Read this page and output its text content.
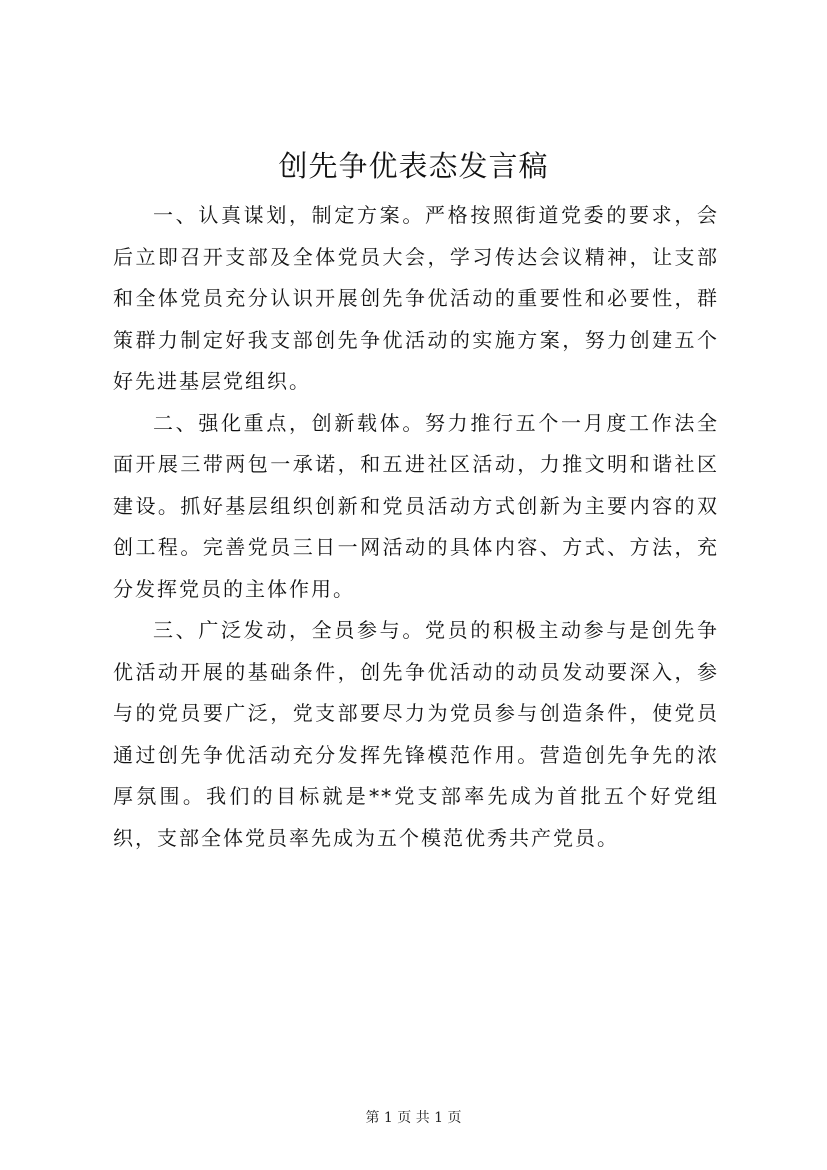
创先争优表态发言稿

一、认真谋划，制定方案。严格按照街道党委的要求，会后立即召开支部及全体党员大会，学习传达会议精神，让支部和全体党员充分认识开展创先争优活动的重要性和必要性，群策群力制定好我支部创先争优活动的实施方案，努力创建五个好先进基层党组织。

二、强化重点，创新载体。努力推行五个一月度工作法全面开展三带两包一承诺，和五进社区活动，力推文明和谐社区建设。抓好基层组织创新和党员活动方式创新为主要内容的双创工程。完善党员三日一网活动的具体内容、方式、方法，充分发挥党员的主体作用。

三、广泛发动，全员参与。党员的积极主动参与是创先争优活动开展的基础条件，创先争优活动的动员发动要深入，参与的党员要广泛，党支部要尽力为党员参与创造条件，使党员通过创先争优活动充分发挥先锋模范作用。营造创先争先的浓厚氛围。我们的目标就是**党支部率先成为首批五个好党组织，支部全体党员率先成为五个模范优秀共产党员。

第 1 页 共 1 页
